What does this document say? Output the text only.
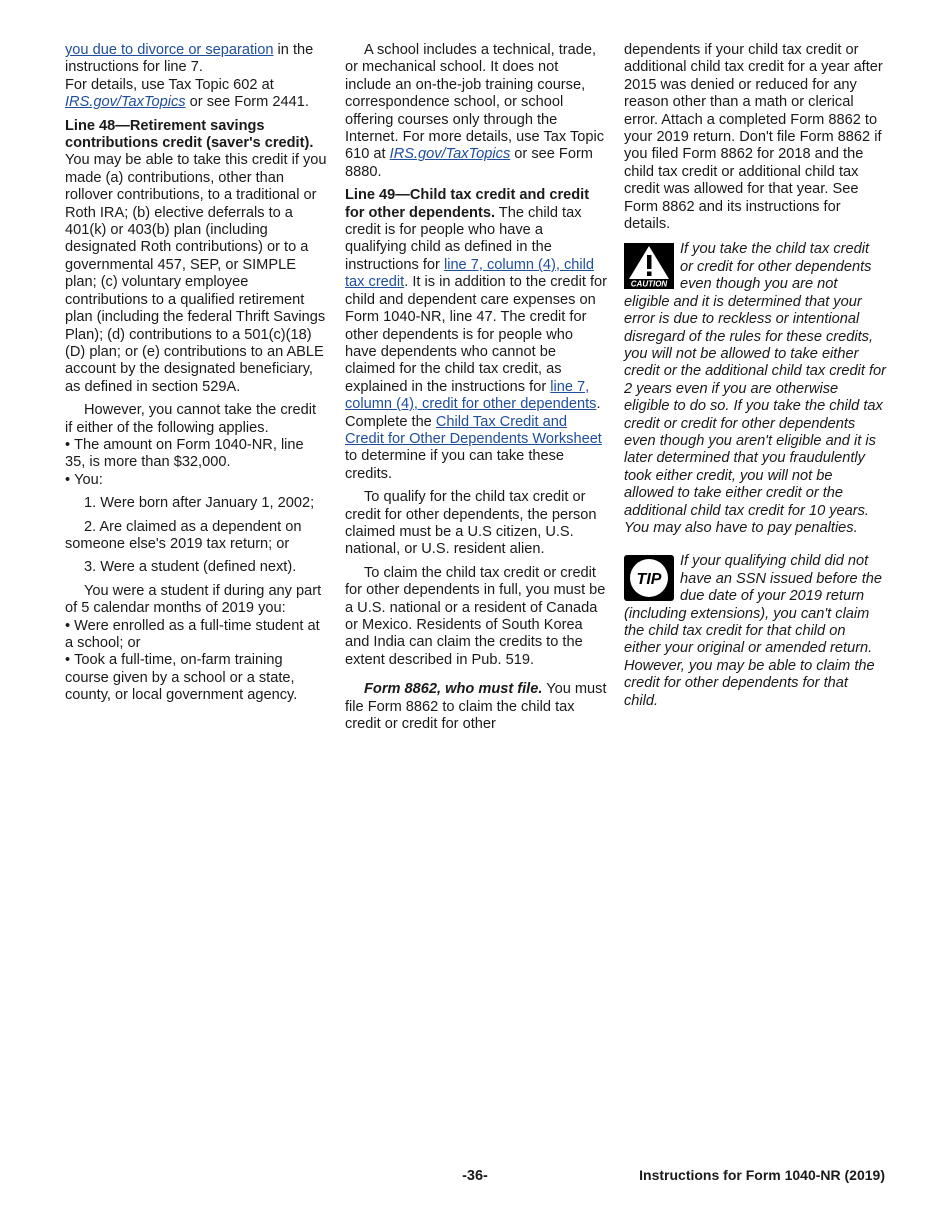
you due to divorce or separation in the instructions for line 7.

For details, use Tax Topic 602 at IRS.gov/TaxTopics or see Form 2441.

Line 48—Retirement savings contributions credit (saver's credit). You may be able to take this credit if you made (a) contributions, other than rollover contributions, to a traditional or Roth IRA; (b) elective deferrals to a 401(k) or 403(b) plan (including designated Roth contributions) or to a governmental 457, SEP, or SIMPLE plan; (c) voluntary employee contributions to a qualified retirement plan (including the federal Thrift Savings Plan); (d) contributions to a 501(c)(18)(D) plan; or (e) contributions to an ABLE account by the designated beneficiary, as defined in section 529A.

However, you cannot take the credit if either of the following applies.

• The amount on Form 1040-NR, line 35, is more than $32,000.

• You:

1. Were born after January 1, 2002;

2. Are claimed as a dependent on someone else's 2019 tax return; or

3. Were a student (defined next).

You were a student if during any part of 5 calendar months of 2019 you:

• Were enrolled as a full-time student at a school; or

• Took a full-time, on-farm training course given by a school or a state, county, or local government agency.

A school includes a technical, trade, or mechanical school. It does not include an on-the-job training course, correspondence school, or school offering courses only through the Internet. For more details, use Tax Topic 610 at IRS.gov/TaxTopics or see Form 8880.

Line 49—Child tax credit and credit for other dependents. The child tax credit is for people who have a qualifying child as defined in the instructions for line 7, column (4), child tax credit. It is in addition to the credit for child and dependent care expenses on Form 1040-NR, line 47. The credit for other dependents is for people who have dependents who cannot be claimed for the child tax credit, as explained in the instructions for line 7, column (4), credit for other dependents. Complete the Child Tax Credit and Credit for Other Dependents Worksheet to determine if you can take these credits.

To qualify for the child tax credit or credit for other dependents, the person claimed must be a U.S citizen, U.S. national, or U.S. resident alien.

To claim the child tax credit or credit for other dependents in full, you must be a U.S. national or a resident of Canada or Mexico. Residents of South Korea and India can claim the credits to the extent described in Pub. 519.

Form 8862, who must file. You must file Form 8862 to claim the child tax credit or credit for other

dependents if your child tax credit or additional child tax credit for a year after 2015 was denied or reduced for any reason other than a math or clerical error. Attach a completed Form 8862 to your 2019 return. Don't file Form 8862 if you filed Form 8862 for 2018 and the child tax credit or additional child tax credit was allowed for that year. See Form 8862 and its instructions for details.

CAUTION
If you take the child tax credit or credit for other dependents even though you are not eligible and it is determined that your error is due to reckless or intentional disregard of the rules for these credits, you will not be allowed to take either credit or the additional child tax credit for 2 years even if you are otherwise eligible to do so. If you take the child tax credit or credit for other dependents even though you aren't eligible and it is later determined that you fraudulently took either credit, you will not be allowed to take either credit or the additional child tax credit for 10 years. You may also have to pay penalties.
TIP
If your qualifying child did not have an SSN issued before the due date of your 2019 return (including extensions), you can't claim the child tax credit for that child on either your original or amended return. However, you may be able to claim the credit for other dependents for that child.
-36-	Instructions for Form 1040-NR (2019)
